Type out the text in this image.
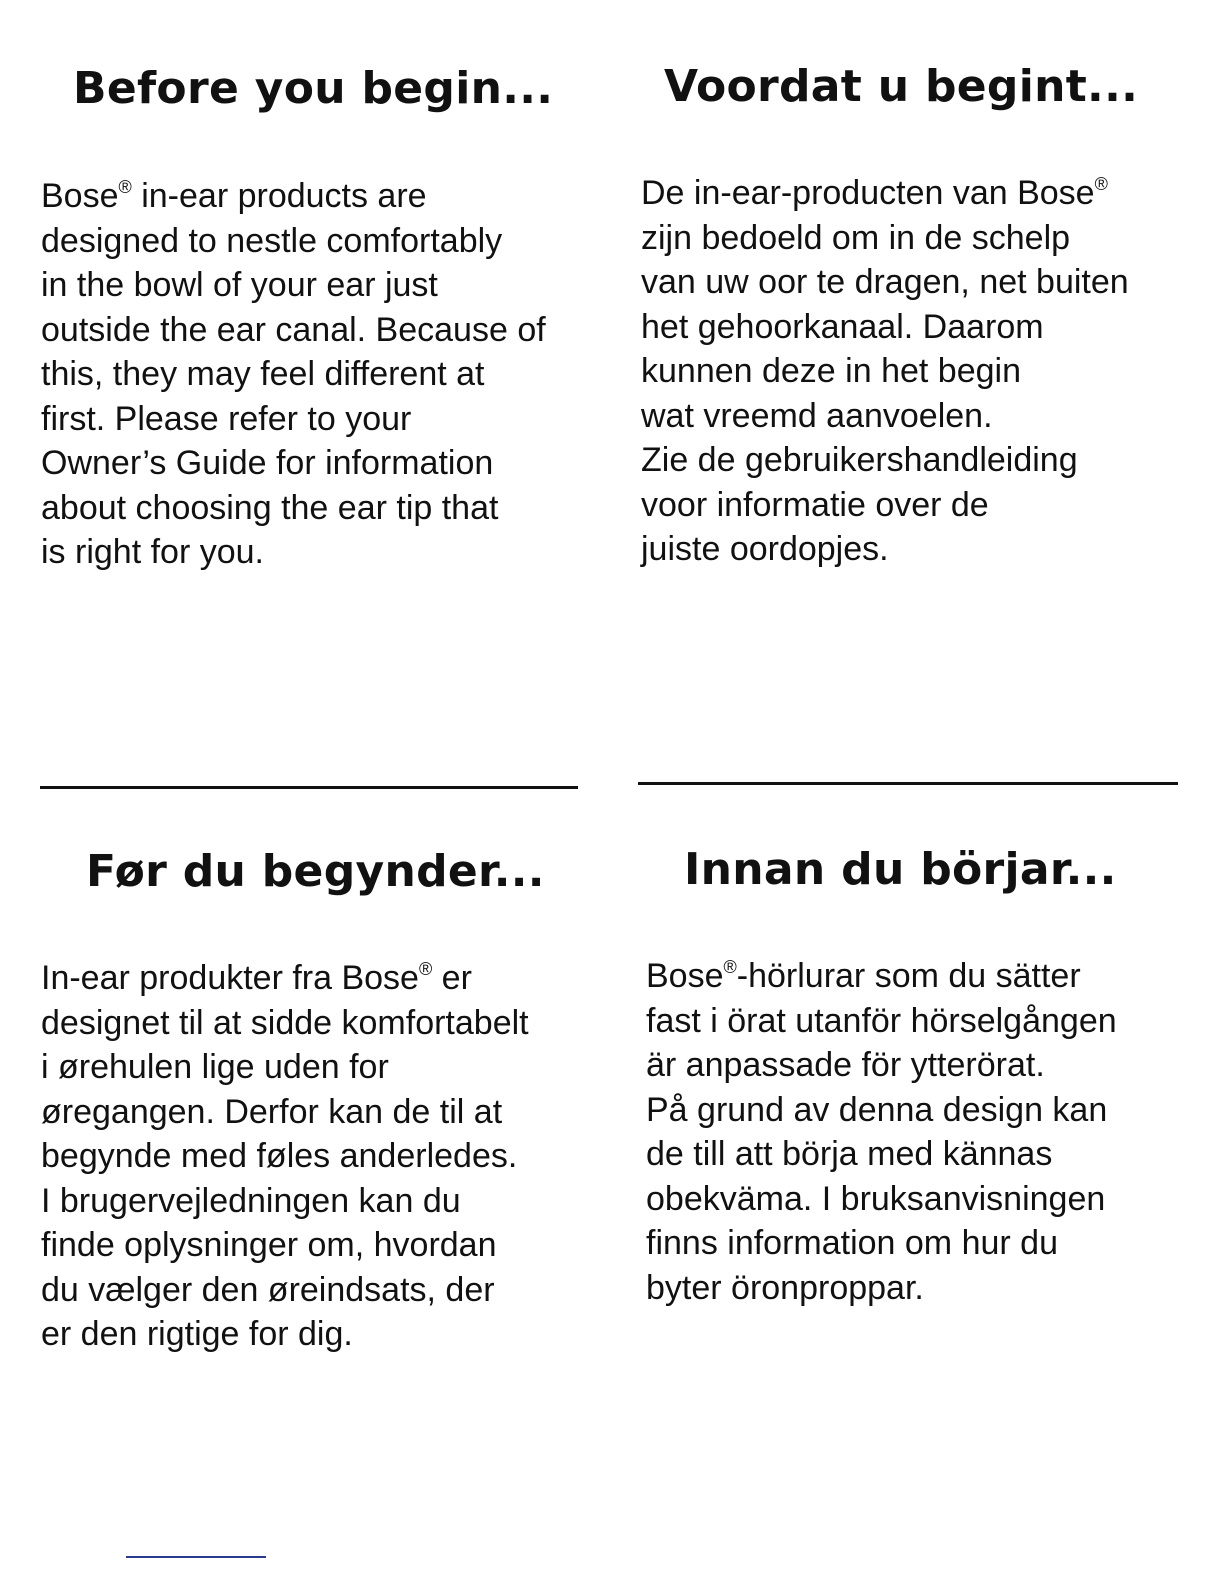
Before you begin...
Bose® in-ear products are
designed to nestle comfortably
in the bowl of your ear just
outside the ear canal. Because of
this, they may feel different at
first. Please refer to your
Owner’s Guide for information
about choosing the ear tip that
is right for you.
Voordat u begint...
De in-ear-producten van Bose®
zijn bedoeld om in de schelp
van uw oor te dragen, net buiten
het gehoorkanaal. Daarom
kunnen deze in het begin
wat vreemd aanvoelen.
Zie de gebruikershandleiding
voor informatie over de
juiste oordopjes.
Før du begynder...
In-ear produkter fra Bose® er
designet til at sidde komfortabelt
i ørehulen lige uden for
øregangen. Derfor kan de til at
begynde med føles anderledes.
I brugervejledningen kan du
finde oplysninger om, hvordan
du vælger den øreindsats, der
er den rigtige for dig.
Innan du börjar...
Bose®-hörlurar som du sätter
fast i örat utanför hörselgången
är anpassade för ytterörat.
På grund av denna design kan
de till att börja med kännas
obekväma. I bruksanvisningen
finns information om hur du
byter öronproppar.
